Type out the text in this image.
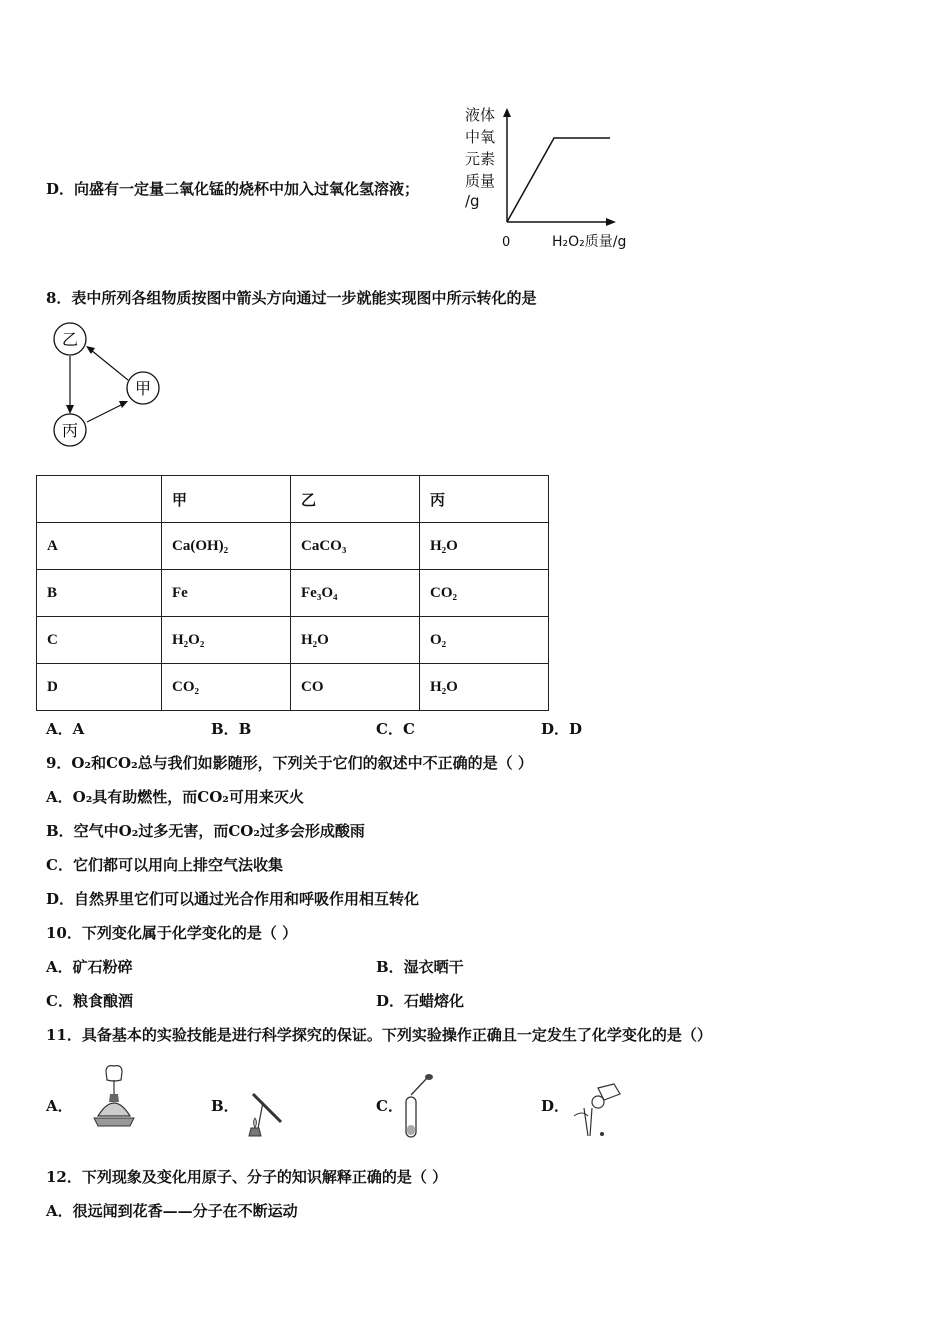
D．向盛有一定量二氧化锰的烧杯中加入过氧化氢溶液；
液体
中氧
元素
质量
/g
0	H₂O₂质量/g
8．表中所列各组物质按图中箭头方向通过一步就能实现图中所示转化的是
乙
甲
丙
	甲	乙	丙
A	Ca(OH)₂	CaCO₃	H₂O
B	Fe	Fe₃O₄	CO₂
C	H₂O₂	H₂O	O₂
D	CO₂	CO	H₂O
A．A	B．B	C．C	D．D
9．O₂和CO₂总与我们如影随形，下列关于它们的叙述中不正确的是（ ）
A．O₂具有助燃性，而CO₂可用来灭火
B．空气中O₂过多无害，而CO₂过多会形成酸雨
C．它们都可以用向上排空气法收集
D．自然界里它们可以通过光合作用和呼吸作用相互转化
10．下列变化属于化学变化的是（ ）
A．矿石粉碎	B．湿衣晒干
C．粮食酿酒	D．石蜡熔化
11．具备基本的实验技能是进行科学探究的保证。下列实验操作正确且一定发生了化学变化的是（）
A．	B．	C．	D．
12．下列现象及变化用原子、分子的知识解释正确的是（ ）
A．很远闻到花香——分子在不断运动
